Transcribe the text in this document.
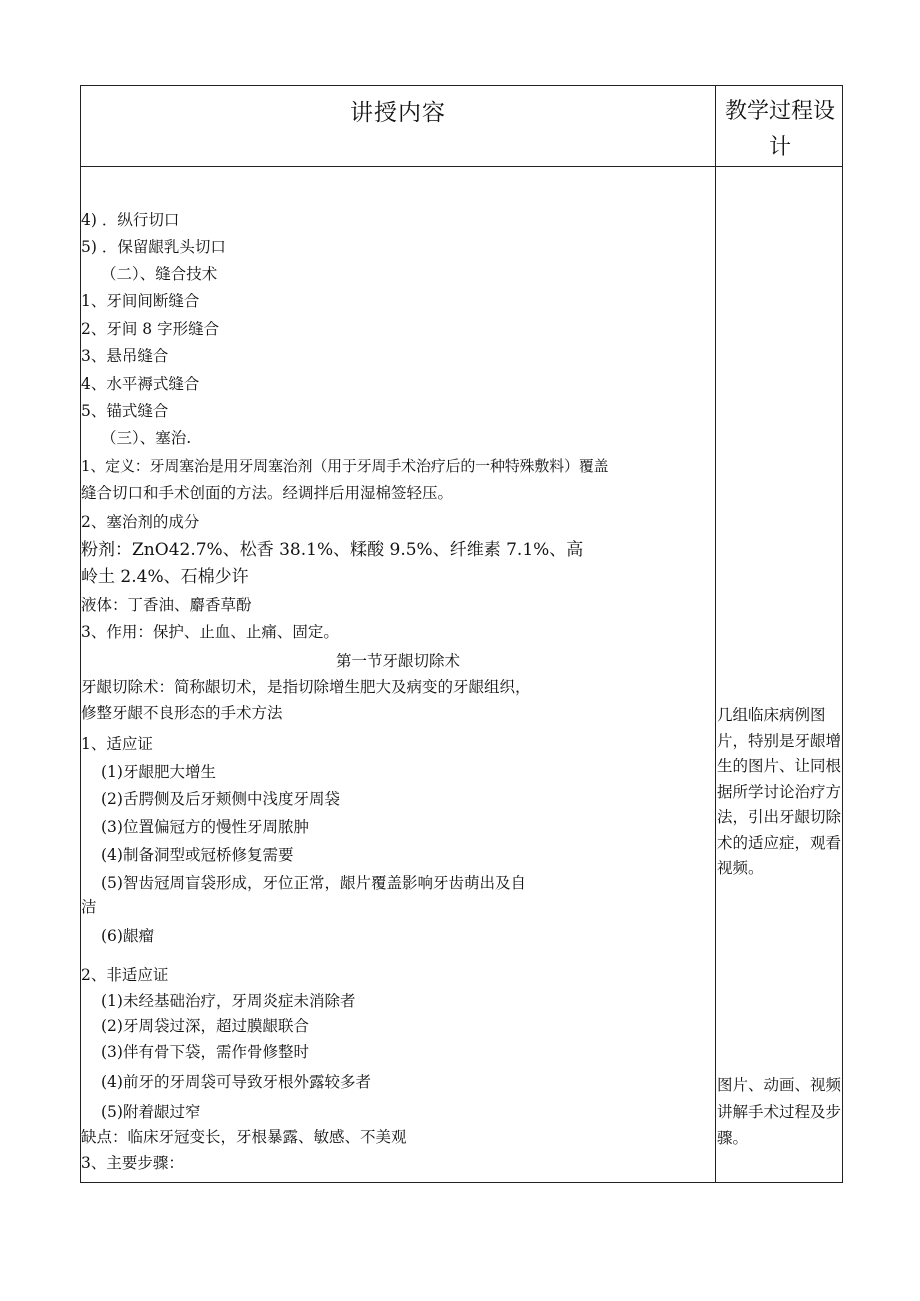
讲授内容	教学过程设计
4) ．纵行切口
5) ．保留龈乳头切口
（二）、缝合技术
1、牙间间断缝合
2、牙间 8 字形缝合
3、悬吊缝合
4、水平褥式缝合
5、锚式缝合
（三）、塞治.
1、定义：牙周塞治是用牙周塞治剂（用于牙周手术治疗后的一种特殊敷料）覆盖
缝合切口和手术创面的方法。经调拌后用湿棉签轻压。
2、塞治剂的成分
粉剂：ZnO42.7%、松香 38.1%、糅酸 9.5%、纤维素 7.1%、高
岭土 2.4%、石棉少许
液体：丁香油、麝香草酚
3、作用：保护、止血、止痛、固定。
第一节牙龈切除术
牙龈切除术：简称龈切术，是指切除增生肥大及病变的牙龈组织，
修整牙龈不良形态的手术方法
1、适应证
(1)牙龈肥大增生
(2)舌腭侧及后牙颊侧中浅度牙周袋
(3)位置偏冠方的慢性牙周脓肿
(4)制备洞型或冠桥修复需要
(5)智齿冠周盲袋形成，牙位正常，龈片覆盖影响牙齿萌出及自
洁
(6)龈瘤
2、非适应证
(1)未经基础治疗，牙周炎症未消除者
(2)牙周袋过深，超过膜龈联合
(3)伴有骨下袋，需作骨修整时
(4)前牙的牙周袋可导致牙根外露较多者
(5)附着龈过窄
缺点：临床牙冠变长，牙根暴露、敏感、不美观
3、主要步骤：
几组临床病例图片，特别是牙龈增生的图片、让同根据所学讨论治疗方法，引出牙龈切除术的适应症，观看视频。
图片、动画、视频讲解手术过程及步骤。
